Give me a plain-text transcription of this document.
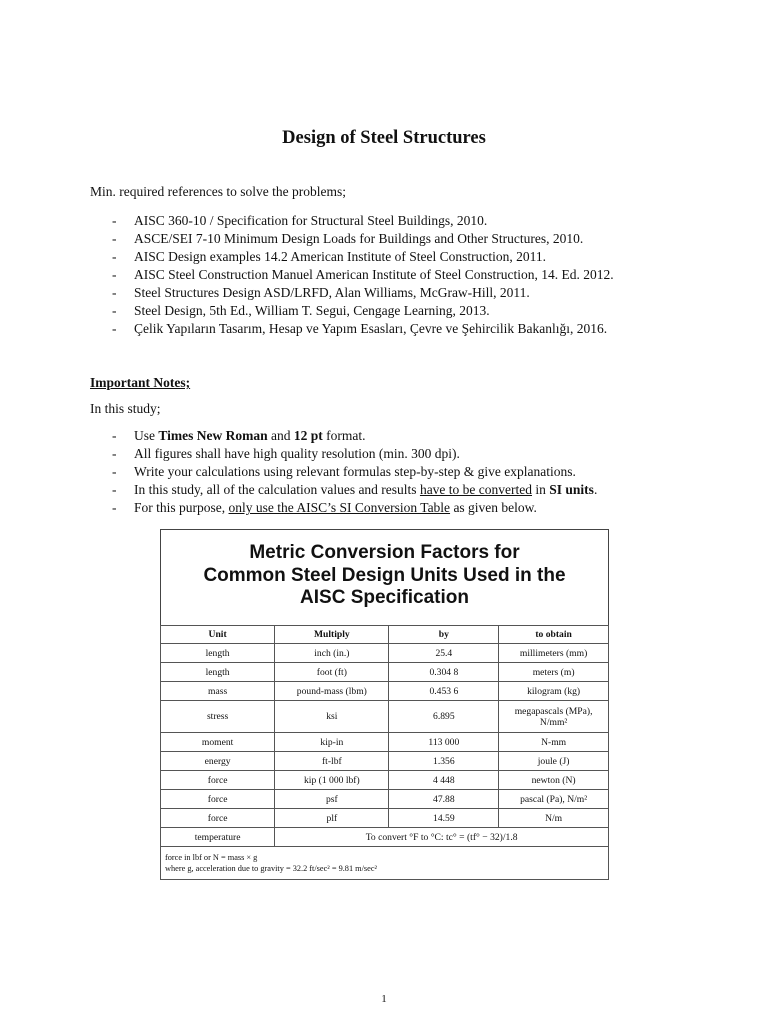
Design of Steel Structures
Min. required references to solve the problems;
- AISC 360-10 / Specification for Structural Steel Buildings, 2010.
- ASCE/SEI 7-10 Minimum Design Loads for Buildings and Other Structures, 2010.
- AISC Design examples 14.2 American Institute of Steel Construction, 2011.
- AISC Steel Construction Manuel American Institute of Steel Construction, 14. Ed. 2012.
- Steel Structures Design ASD/LRFD, Alan Williams, McGraw-Hill, 2011.
- Steel Design, 5th Ed., William T. Segui, Cengage Learning, 2013.
- Çelik Yapıların Tasarım, Hesap ve Yapım Esasları, Çevre ve Şehircilik Bakanlığı, 2016.
Important Notes;
In this study;
- Use Times New Roman and 12 pt format.
- All figures shall have high quality resolution (min. 300 dpi).
- Write your calculations using relevant formulas step-by-step & give explanations.
- In this study, all of the calculation values and results have to be converted in SI units.
- For this purpose, only use the AISC’s SI Conversion Table as given below.
Metric Conversion Factors for
Common Steel Design Units Used in the
AISC Specification
Unit	Multiply	by	to obtain
length	inch (in.)	25.4	millimeters (mm)
length	foot (ft)	0.304 8	meters (m)
mass	pound-mass (lbm)	0.453 6	kilogram (kg)
stress	ksi	6.895	megapascals (MPa), N/mm²
moment	kip-in	113 000	N-mm
energy	ft-lbf	1.356	joule (J)
force	kip (1 000 lbf)	4 448	newton (N)
force	psf	47.88	pascal (Pa), N/m²
force	plf	14.59	N/m
temperature	To convert °F to °C: tc° = (tf° − 32)/1.8		

force in lbf or N = mass × g
where g, acceleration due to gravity = 32.2 ft/sec² = 9.81 m/sec²			
1
